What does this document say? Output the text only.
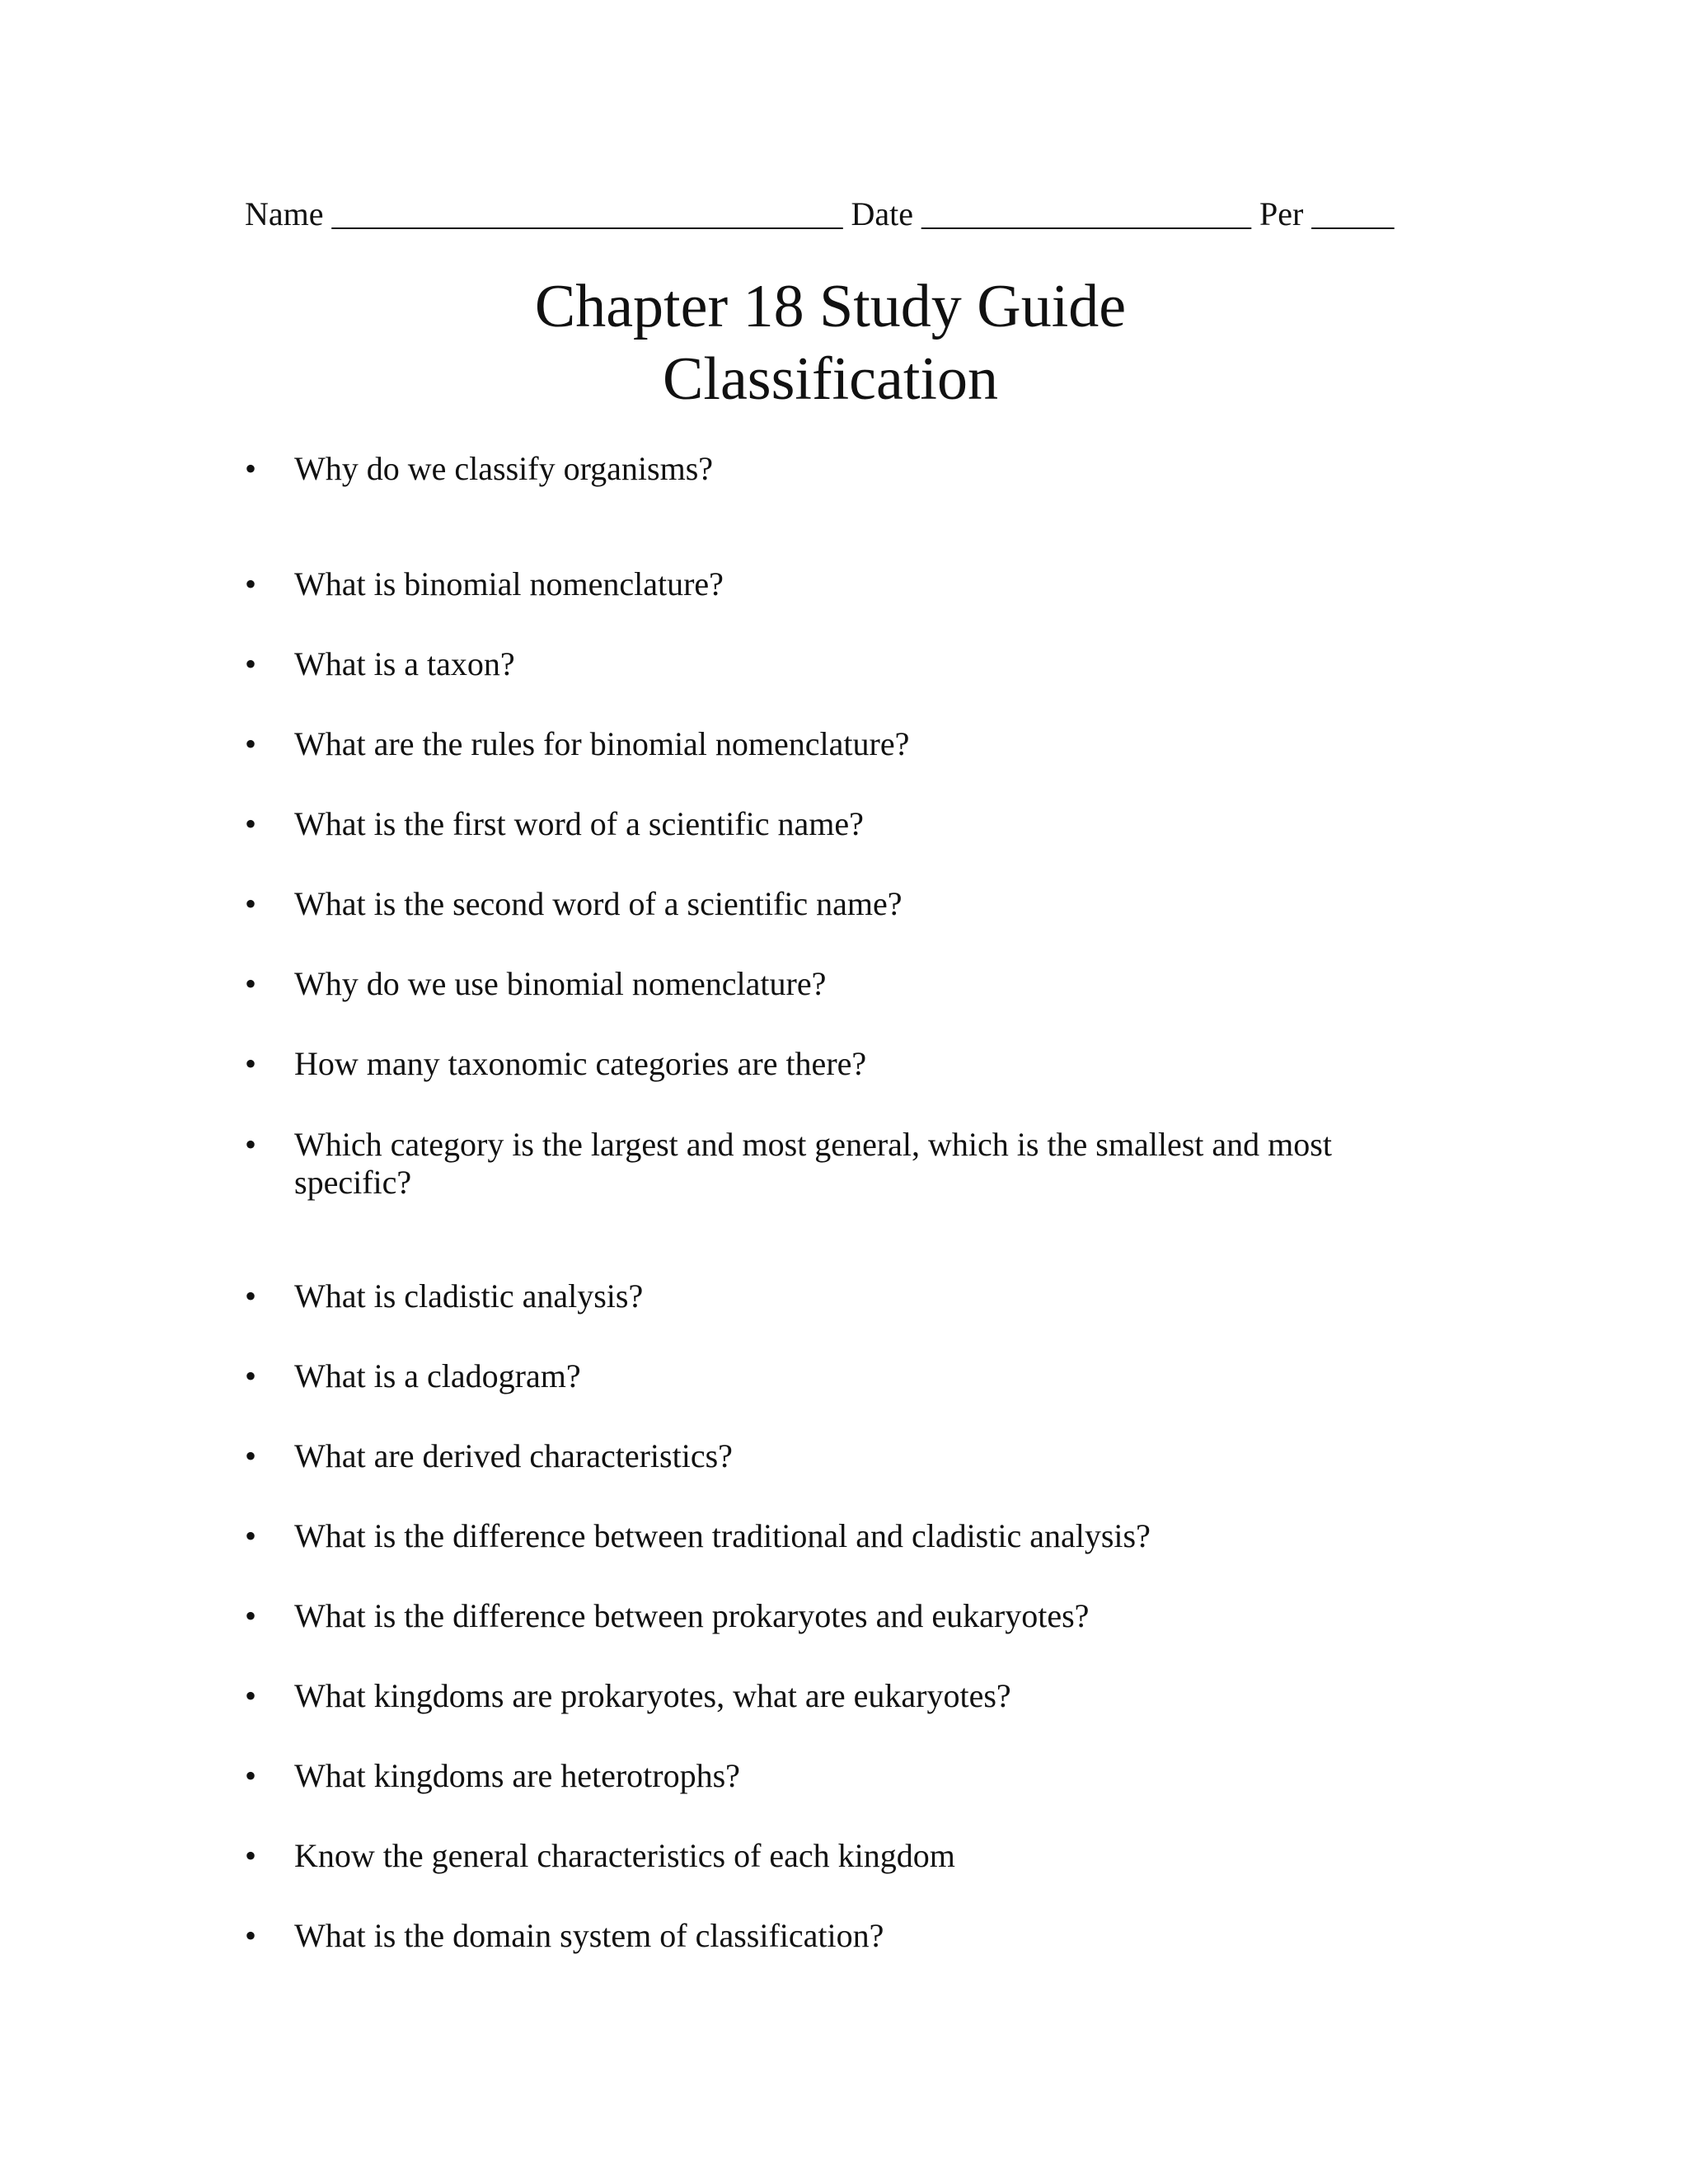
Name _______________________________ Date ____________________ Per _____
Chapter 18 Study Guide
Classification
• Why do we classify organisms?
• What is binomial nomenclature?
• What is a taxon?
• What are the rules for binomial nomenclature?
• What is the first word of a scientific name?
• What is the second word of a scientific name?
• Why do we use binomial nomenclature?
• How many taxonomic categories are there?
• Which category is the largest and most general, which is the smallest and most specific?
• What is cladistic analysis?
• What is a cladogram?
• What are derived characteristics?
• What is the difference between traditional and cladistic analysis?
• What is the difference between prokaryotes and eukaryotes?
• What kingdoms are prokaryotes, what are eukaryotes?
• What kingdoms are heterotrophs?
• Know the general characteristics of each kingdom
• What is the domain system of classification?
